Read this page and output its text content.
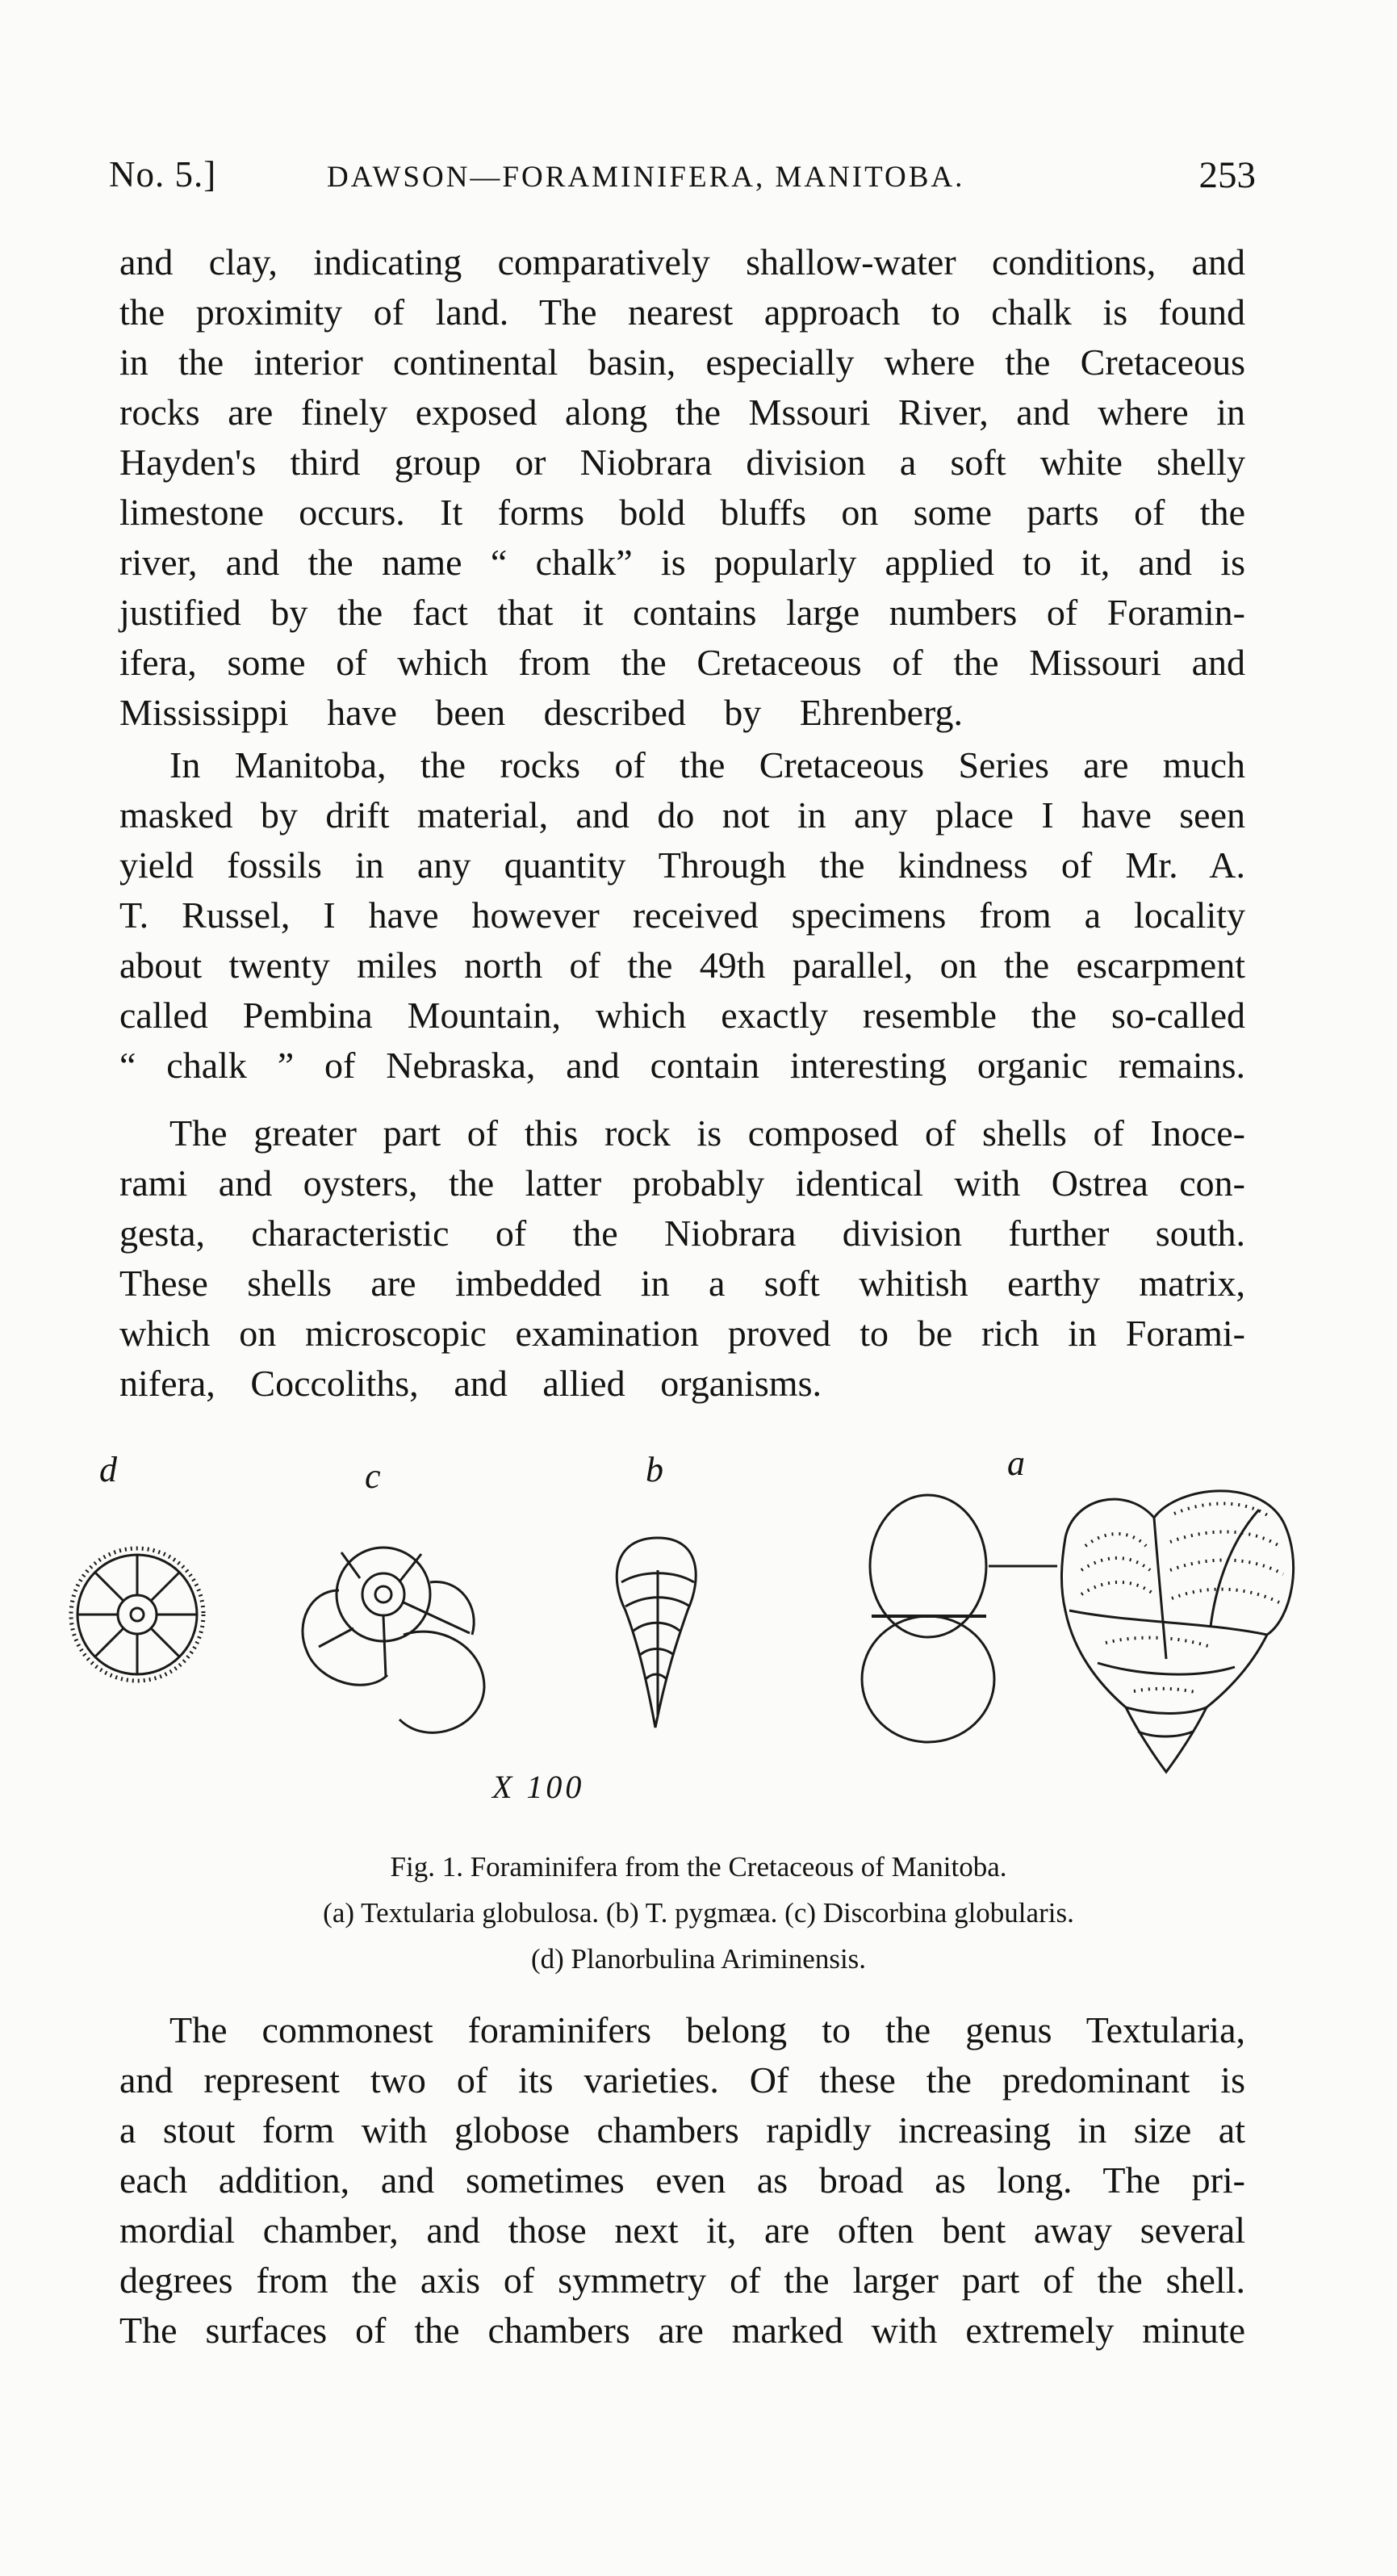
No. 5.]	DAWSON—FORAMINIFERA, MANITOBA.	253
and clay, indicating comparatively shallow-water conditions, and
the proximity of land. The nearest approach to chalk is found
in the interior continental basin, especially where the Cretaceous
rocks are finely exposed along the Mssouri River, and where in
Hayden's third group or Niobrara division a soft white shelly
limestone occurs. It forms bold bluffs on some parts of the
river, and the name “ chalk” is popularly applied to it, and is
justified by the fact that it contains large numbers of Foramin-
ifera, some of which from the Cretaceous of the Missouri and
Mississippi have been described by Ehrenberg.
In Manitoba, the rocks of the Cretaceous Series are much
masked by drift material, and do not in any place I have seen
yield fossils in any quantity Through the kindness of Mr. A.
T. Russel, I have however received specimens from a locality
about twenty miles north of the 49th parallel, on the escarpment
called Pembina Mountain, which exactly resemble the so-called
“ chalk ” of Nebraska, and contain interesting organic remains.
The greater part of this rock is composed of shells of Inoce-
rami and oysters, the latter probably identical with Ostrea con-
gesta, characteristic of the Niobrara division further south.
These shells are imbedded in a soft whitish earthy matrix,
which on microscopic examination proved to be rich in Forami-
nifera, Coccoliths, and allied organisms.
d	c	b	a
X 100
Fig. 1. Foraminifera from the Cretaceous of Manitoba.
(a) Textularia globulosa. (b) T. pygmæa. (c) Discorbina globularis.
(d) Planorbulina Ariminensis.
The commonest foraminifers belong to the genus Textularia,
and represent two of its varieties. Of these the predominant is
a stout form with globose chambers rapidly increasing in size at
each addition, and sometimes even as broad as long. The pri-
mordial chamber, and those next it, are often bent away several
degrees from the axis of symmetry of the larger part of the shell.
The surfaces of the chambers are marked with extremely minute
